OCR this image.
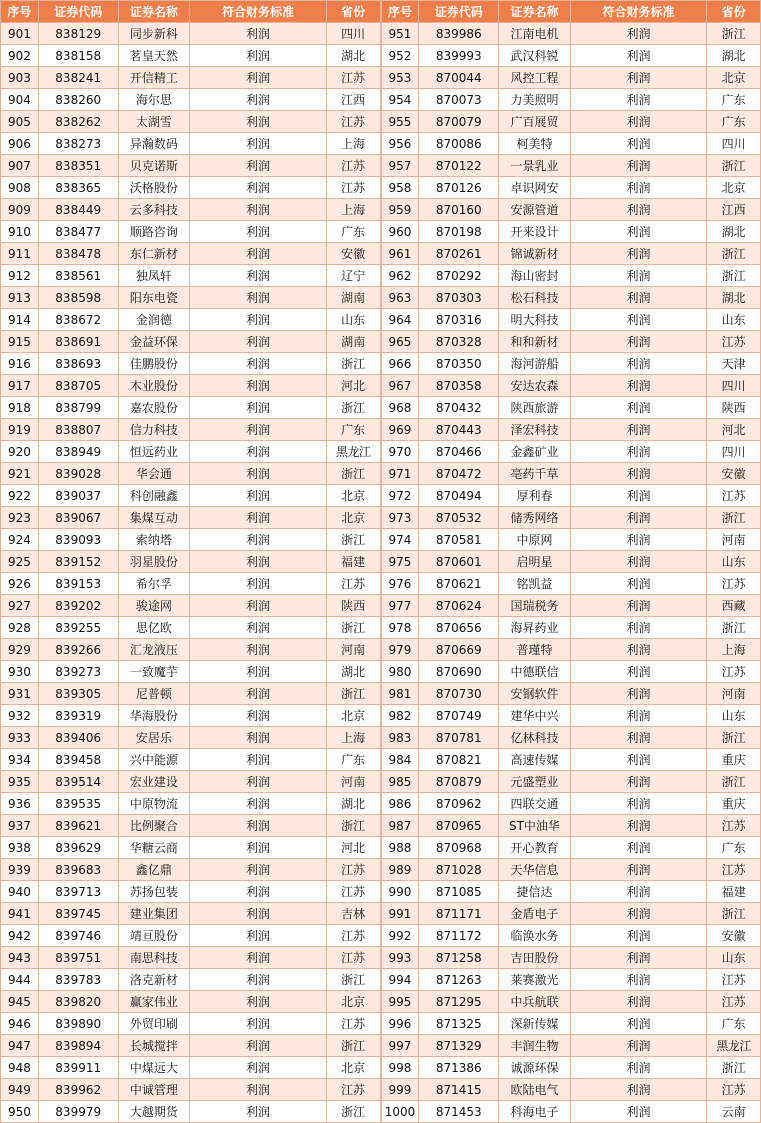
序号	证券代码	证券名称	符合财务标准	省份
901	838129	同步新科	利润	四川
902	838158	茗皇天然	利润	湖北
903	838241	开信精工	利润	江苏
904	838260	海尔思	利润	江西
905	838262	太湖雪	利润	江苏
906	838273	异瀚数码	利润	上海
907	838351	贝克诺斯	利润	江苏
908	838365	沃格股份	利润	江苏
909	838449	云多科技	利润	上海
910	838477	顺路咨询	利润	广东
911	838478	东仁新材	利润	安徽
912	838561	独凤轩	利润	辽宁
913	838598	阳东电瓷	利润	湖南
914	838672	金润德	利润	山东
915	838691	金益环保	利润	湖南
916	838693	佳鹏股份	利润	浙江
917	838705	木业股份	利润	河北
918	838799	嘉农股份	利润	浙江
919	838807	信力科技	利润	广东
920	838949	恒远药业	利润	黑龙江
921	839028	华会通	利润	浙江
922	839037	科创融鑫	利润	北京
923	839067	集煤互动	利润	北京
924	839093	索纳塔	利润	浙江
925	839152	羽星股份	利润	福建
926	839153	希尔孚	利润	江苏
927	839202	骏途网	利润	陕西
928	839255	思亿欧	利润	浙江
929	839266	汇龙液压	利润	河南
930	839273	一致魔芋	利润	湖北
931	839305	尼普顿	利润	浙江
932	839319	华海股份	利润	北京
933	839406	安居乐	利润	上海
934	839458	兴中能源	利润	广东
935	839514	宏业建设	利润	河南
936	839535	中原物流	利润	湖北
937	839621	比例聚合	利润	浙江
938	839629	华糖云商	利润	河北
939	839683	鑫亿鼎	利润	江苏
940	839713	苏扬包装	利润	江苏
941	839745	建业集团	利润	吉林
942	839746	靖亘股份	利润	江苏
943	839751	南思科技	利润	江苏
944	839783	洛克新材	利润	浙江
945	839820	赢家伟业	利润	北京
946	839890	外贸印刷	利润	江苏
947	839894	长城搅拌	利润	浙江
948	839911	中煤远大	利润	北京
949	839962	中诚管理	利润	江苏
950	839979	大越期货	利润	浙江
序号	证券代码	证券名称	符合财务标准	省份
951	839986	江南电机	利润	浙江
952	839993	武汉科锐	利润	湖北
953	870044	风控工程	利润	北京
954	870073	力美照明	利润	广东
955	870079	广百展贸	利润	广东
956	870086	柯美特	利润	四川
957	870122	一景乳业	利润	浙江
958	870126	卓识网安	利润	北京
959	870160	安源管道	利润	江西
960	870198	开来设计	利润	湖北
961	870261	锦诚新材	利润	浙江
962	870292	海山密封	利润	浙江
963	870303	松石科技	利润	湖北
964	870316	明大科技	利润	山东
965	870328	和和新材	利润	江苏
966	870350	海河游船	利润	天津
967	870358	安达农森	利润	四川
968	870432	陕西旅游	利润	陕西
969	870443	泽宏科技	利润	河北
970	870466	金鑫矿业	利润	四川
971	870472	亳药千草	利润	安徽
972	870494	厚利春	利润	江苏
973	870532	储秀网络	利润	浙江
974	870581	中原网	利润	河南
975	870601	启明星	利润	山东
976	870621	铭凯益	利润	江苏
977	870624	国瑞税务	利润	西藏
978	870656	海昇药业	利润	浙江
979	870669	普瑾特	利润	上海
980	870690	中德联信	利润	江苏
981	870730	安钢软件	利润	河南
982	870749	建华中兴	利润	山东
983	870781	亿林科技	利润	浙江
984	870821	高速传媒	利润	重庆
985	870879	元盛塑业	利润	浙江
986	870962	四联交通	利润	重庆
987	870965	ST中油华	利润	江苏
988	870968	开心教育	利润	广东
989	871028	天华信息	利润	江苏
990	871085	捷信达	利润	福建
991	871171	金盾电子	利润	浙江
992	871172	临涣水务	利润	安徽
993	871258	吉田股份	利润	山东
994	871263	莱赛激光	利润	江苏
995	871295	中兵航联	利润	江苏
996	871325	深新传媒	利润	广东
997	871329	丰润生物	利润	黑龙江
998	871386	诚源环保	利润	浙江
999	871415	欧陆电气	利润	江苏
1000	871453	科海电子	利润	云南
